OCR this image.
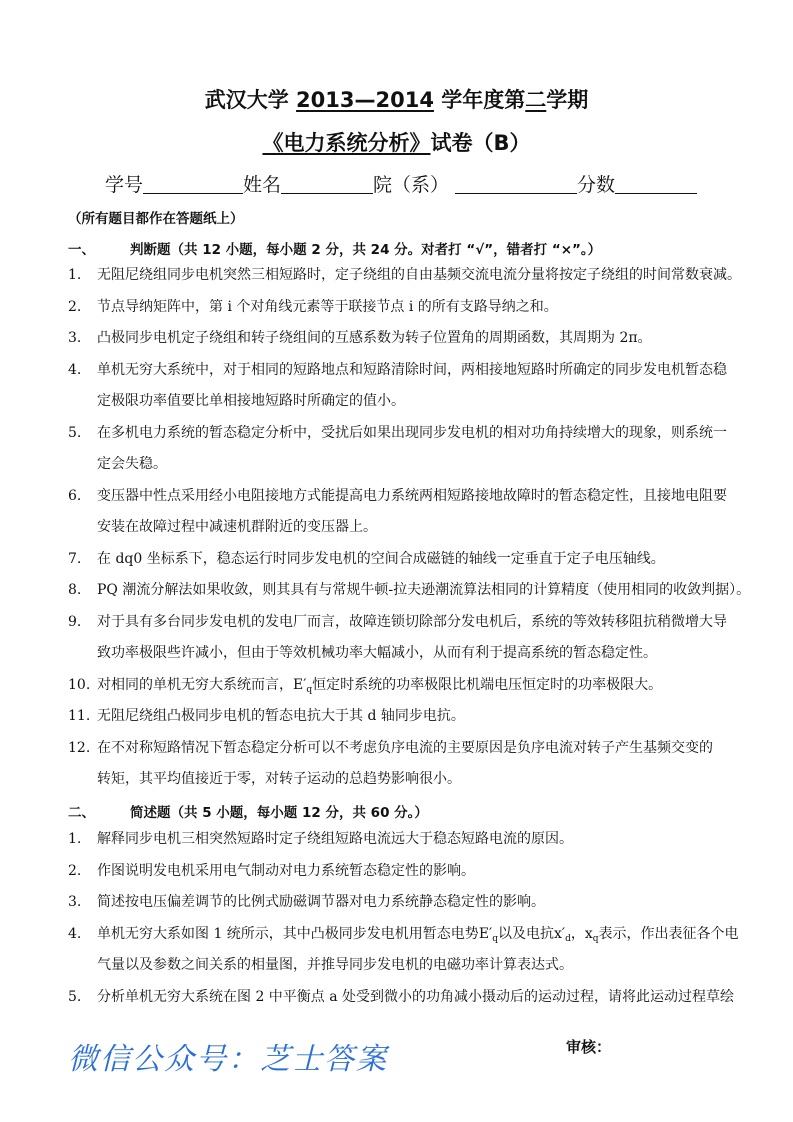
武汉大学 2013—2014 学年度第二学期
《电力系统分析》试卷（B）
学号	姓名	院（系）	分数
（所有题目都作在答题纸上）
一、	判断题（共 12 小题，每小题 2 分，共 24 分。对者打 “√”，错者打 “×”。）
1. 无阻尼绕组同步电机突然三相短路时，定子绕组的自由基频交流电流分量将按定子绕组的时间常数衰减。
2. 节点导纳矩阵中，第 i 个对角线元素等于联接节点 i 的所有支路导纳之和。
3. 凸极同步电机定子绕组和转子绕组间的互感系数为转子位置角的周期函数，其周期为 2π。
4. 单机无穷大系统中，对于相同的短路地点和短路清除时间，两相接地短路时所确定的同步发电机暂态稳
定极限功率值要比单相接地短路时所确定的值小。
5. 在多机电力系统的暂态稳定分析中，受扰后如果出现同步发电机的相对功角持续增大的现象，则系统一
定会失稳。
6. 变压器中性点采用经小电阻接地方式能提高电力系统两相短路接地故障时的暂态稳定性，且接地电阻要
安装在故障过程中减速机群附近的变压器上。
7. 在 dq0 坐标系下，稳态运行时同步发电机的空间合成磁链的轴线一定垂直于定子电压轴线。
8. PQ 潮流分解法如果收敛，则其具有与常规牛顿-拉夫逊潮流算法相同的计算精度（使用相同的收敛判据）。
9. 对于具有多台同步发电机的发电厂而言，故障连锁切除部分发电机后，系统的等效转移阻抗稍微增大导
致功率极限些许减小，但由于等效机械功率大幅减小，从而有利于提高系统的暂态稳定性。
10. 对相同的单机无穷大系统而言，$E'_q$恒定时系统的功率极限比机端电压恒定时的功率极限大。
11. 无阻尼绕组凸极同步电机的暂态电抗大于其 d 轴同步电抗。
12. 在不对称短路情况下暂态稳定分析可以不考虑负序电流的主要原因是负序电流对转子产生基频交变的
转矩，其平均值接近于零，对转子运动的总趋势影响很小。
二、	简述题（共 5 小题，每小题 12 分，共 60 分。）
1. 解释同步电机三相突然短路时定子绕组短路电流远大于稳态短路电流的原因。
2. 作图说明发电机采用电气制动对电力系统暂态稳定性的影响。
3. 简述按电压偏差调节的比例式励磁调节器对电力系统静态稳定性的影响。
4. 单机无穷大系如图 1 统所示，其中凸极同步发电机用暂态电势$E'_q$以及电抗$x'_d$，$x_q$表示，作出表征各个电
气量以及参数之间关系的相量图，并推导同步发电机的电磁功率计算表达式。
5. 分析单机无穷大系统在图 2 中平衡点 a 处受到微小的功角减小摄动后的运动过程，请将此运动过程草绘
微信公众号：芝士答案	审核：
